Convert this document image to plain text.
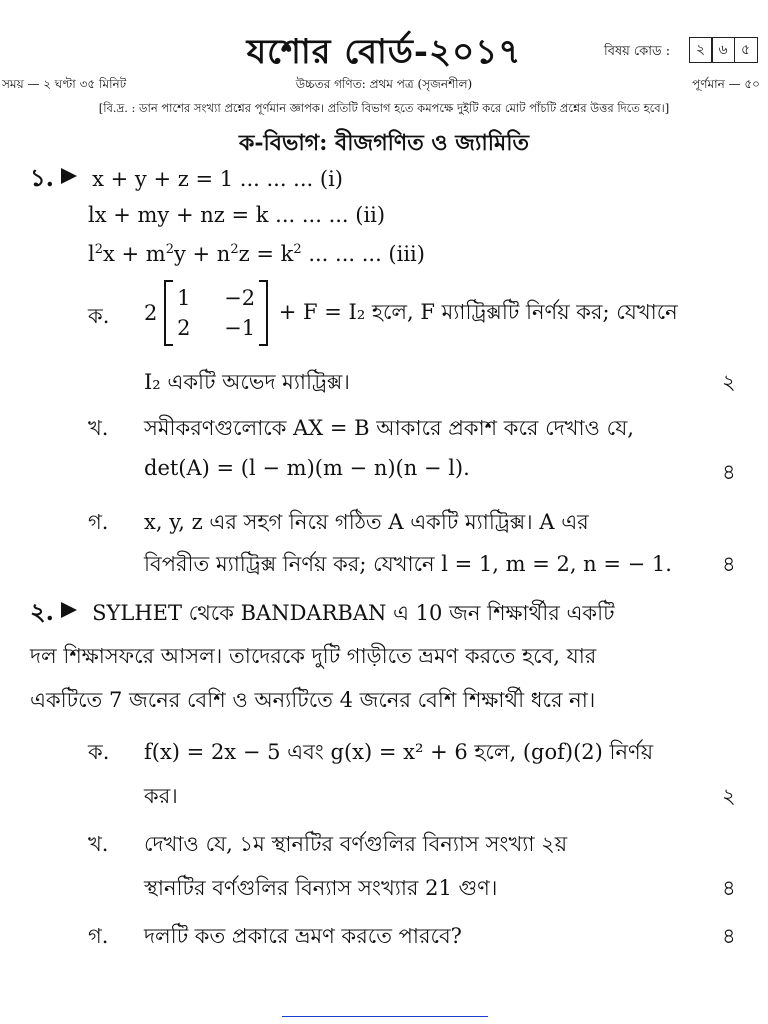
যশোর বোর্ড-২০১৭	বিষয় কোড :	২ ৬ ৫
সময় — ২ ঘণ্টা ৩৫ মিনিট	উচ্চতর গণিত: প্রথম পত্র (সৃজনশীল)	পূর্ণমান — ৫০
[বি.দ্র. : ডান পাশের সংখ্যা প্রশ্নের পূর্ণমান জ্ঞাপক। প্রতিটি বিভাগ হতে কমপক্ষে দুইটি করে মোট পাঁচটি প্রশ্নের উত্তর দিতে হবে।]
ক-বিভাগ: বীজগণিত ও জ্যামিতি
১. x + y + z = 1 ... ... ... (i)
lx + my + nz = k ... ... ... (ii)
$l^2x + m^2y + n^2z = k^2$ ... ... ... (iii)
ক. 2
1 −2
2 −1
+ F = I₂ হলে, F ম্যাট্রিক্সটি নির্ণয় কর; যেখানে
I₂ একটি অভেদ ম্যাট্রিক্স।	২
খ. সমীকরণগুলোকে AX = B আকারে প্রকাশ করে দেখাও যে,
det(A) = (l − m)(m − n)(n − l).	৪
গ. x, y, z এর সহগ নিয়ে গঠিত A একটি ম্যাট্রিক্স। A এর
বিপরীত ম্যাট্রিক্স নির্ণয় কর; যেখানে l = 1, m = 2, n = − 1. ৪
২. SYLHET থেকে BANDARBAN এ 10 জন শিক্ষার্থীর একটি
দল শিক্ষাসফরে আসল। তাদেরকে দুটি গাড়ীতে ভ্রমণ করতে হবে, যার
একটিতে 7 জনের বেশি ও অন্যটিতে 4 জনের বেশি শিক্ষার্থী ধরে না।
ক. f(x) = 2x − 5 এবং g(x) = x² + 6 হলে, (gof)(2) নির্ণয়
কর।	২
খ. দেখাও যে, ১ম স্থানটির বর্ণগুলির বিন্যাস সংখ্যা ২য়
স্থানটির বর্ণগুলির বিন্যাস সংখ্যার 21 গুণ।	৪
গ. দলটি কত প্রকারে ভ্রমণ করতে পারবে?	৪
